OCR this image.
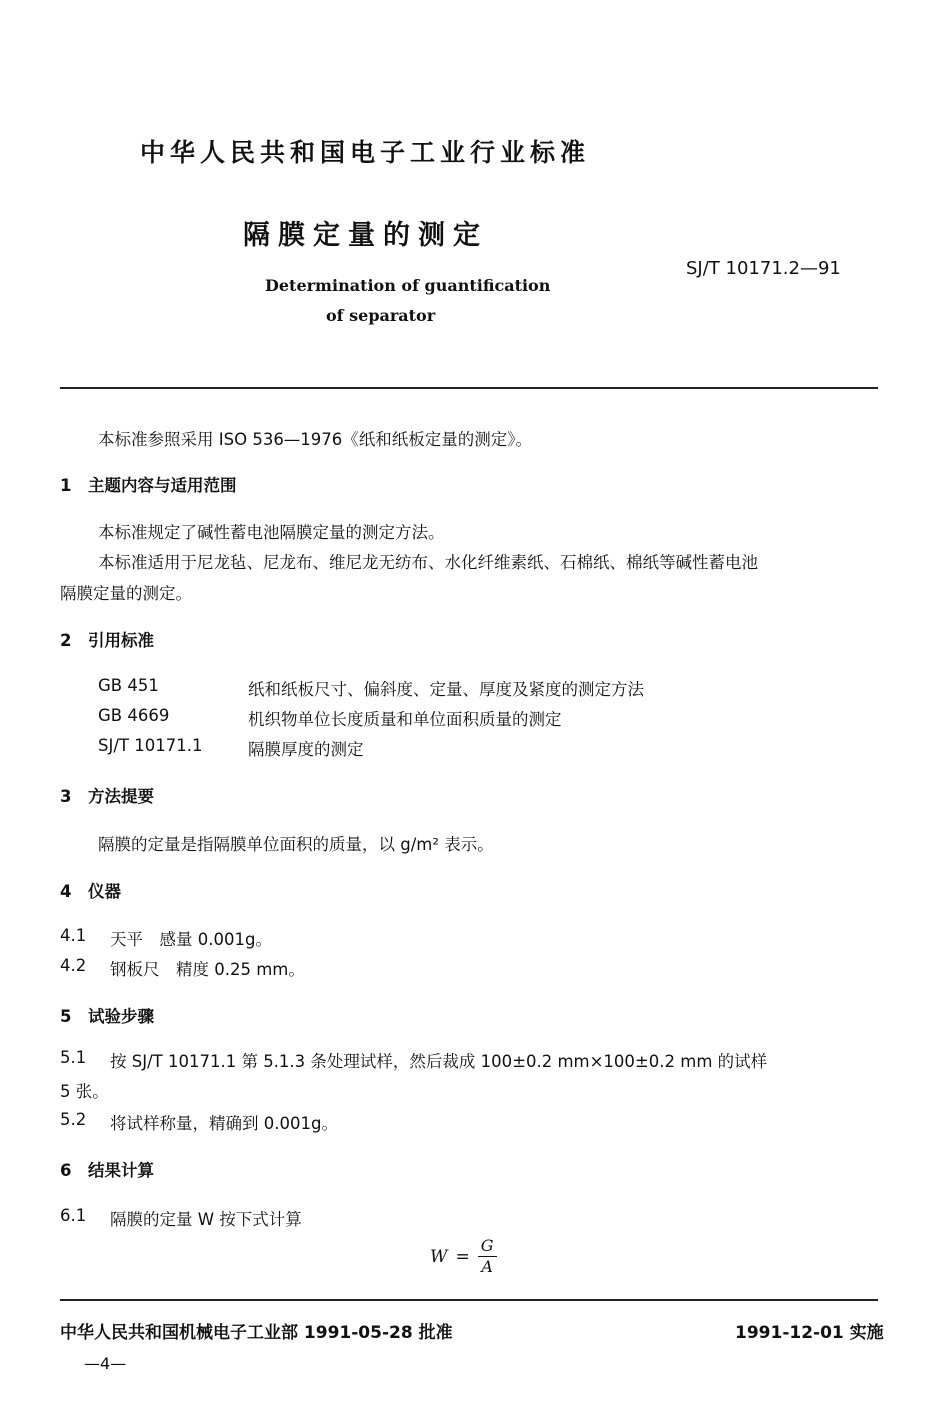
中华人民共和国电子工业行业标准
隔膜定量的测定
SJ/T 10171.2—91
Determination of guantification
of separator
本标准参照采用 ISO 536—1976《纸和纸板定量的测定》。
1　主题内容与适用范围
本标准规定了碱性蓄电池隔膜定量的测定方法。
本标准适用于尼龙毡、尼龙布、维尼龙无纺布、水化纤维素纸、石棉纸、棉纸等碱性蓄电池
隔膜定量的测定。
2　引用标准
GB 451	纸和纸板尺寸、偏斜度、定量、厚度及紧度的测定方法
GB 4669	机织物单位长度质量和单位面积质量的测定
SJ/T 10171.1	隔膜厚度的测定
3　方法提要
隔膜的定量是指隔膜单位面积的质量，以 g/m² 表示。
4　仪器
4.1 天平　感量 0.001g。
4.2 钢板尺　精度 0.25 mm。
5　试验步骤
5.1 按 SJ/T 10171.1 第 5.1.3 条处理试样，然后裁成 100±0.2 mm×100±0.2 mm 的试样
5 张。
5.2 将试样称量，精确到 0.001g。
6　结果计算
6.1 隔膜的定量 W 按下式计算
$W = \frac{G}{A}$
中华人民共和国机械电子工业部 1991-05-28 批准	1991-12-01 实施
—4—
